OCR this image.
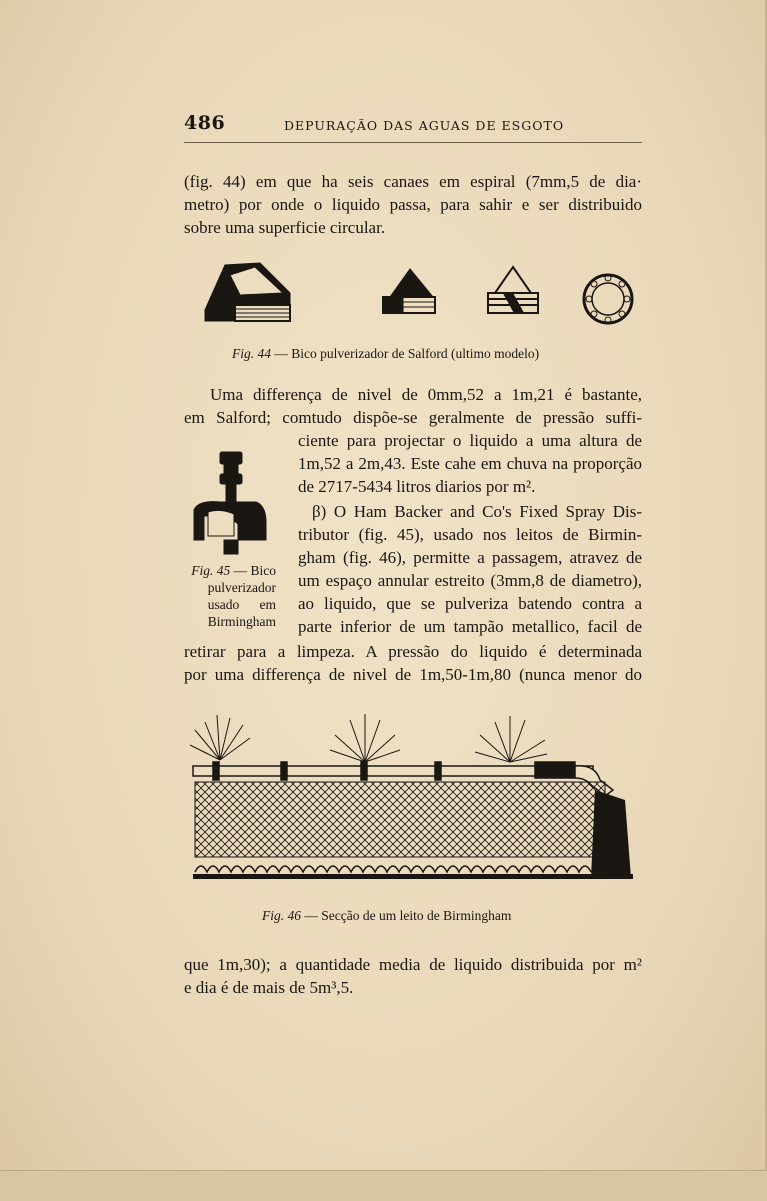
486	DEPURAÇÃO DAS AGUAS DE ESGOTO
(fig. 44) em que ha seis canaes em espiral (7mm,5 de dia·
metro) por onde o liquido passa, para sahir e ser distribuido
sobre uma superficie circular.
Fig. 44 — Bico pulverizador de Salford (ultimo modelo)
Uma differença de nivel de 0mm,52 a 1m,21 é bastante,
em Salford; comtudo dispõe-se geralmente de pressão suffi-
Fig. 45 — Bico
pulverizador
usado      em
Birmingham
ciente para projectar o liquido a uma altura de
1m,52 a 2m,43. Este cahe em chuva na proporção
de 2717-5434 litros diarios por m².
β) O Ham Backer and Co's Fixed Spray Dis-
tributor (fig. 45), usado nos leitos de Birmin-
gham (fig. 46), permitte a passagem, atravez de
um espaço annular estreito (3mm,8 de diametro),
ao liquido, que se pulveriza batendo contra a
parte inferior de um tampão metallico, facil de
retirar para a limpeza. A pressão do liquido é determinada
por uma differença de nivel de 1m,50-1m,80 (nunca menor do
Fig. 46 — Secção de um leito de Birmingham
que 1m,30); a quantidade media de liquido distribuida por m²
e dia é de mais de 5m³,5.
